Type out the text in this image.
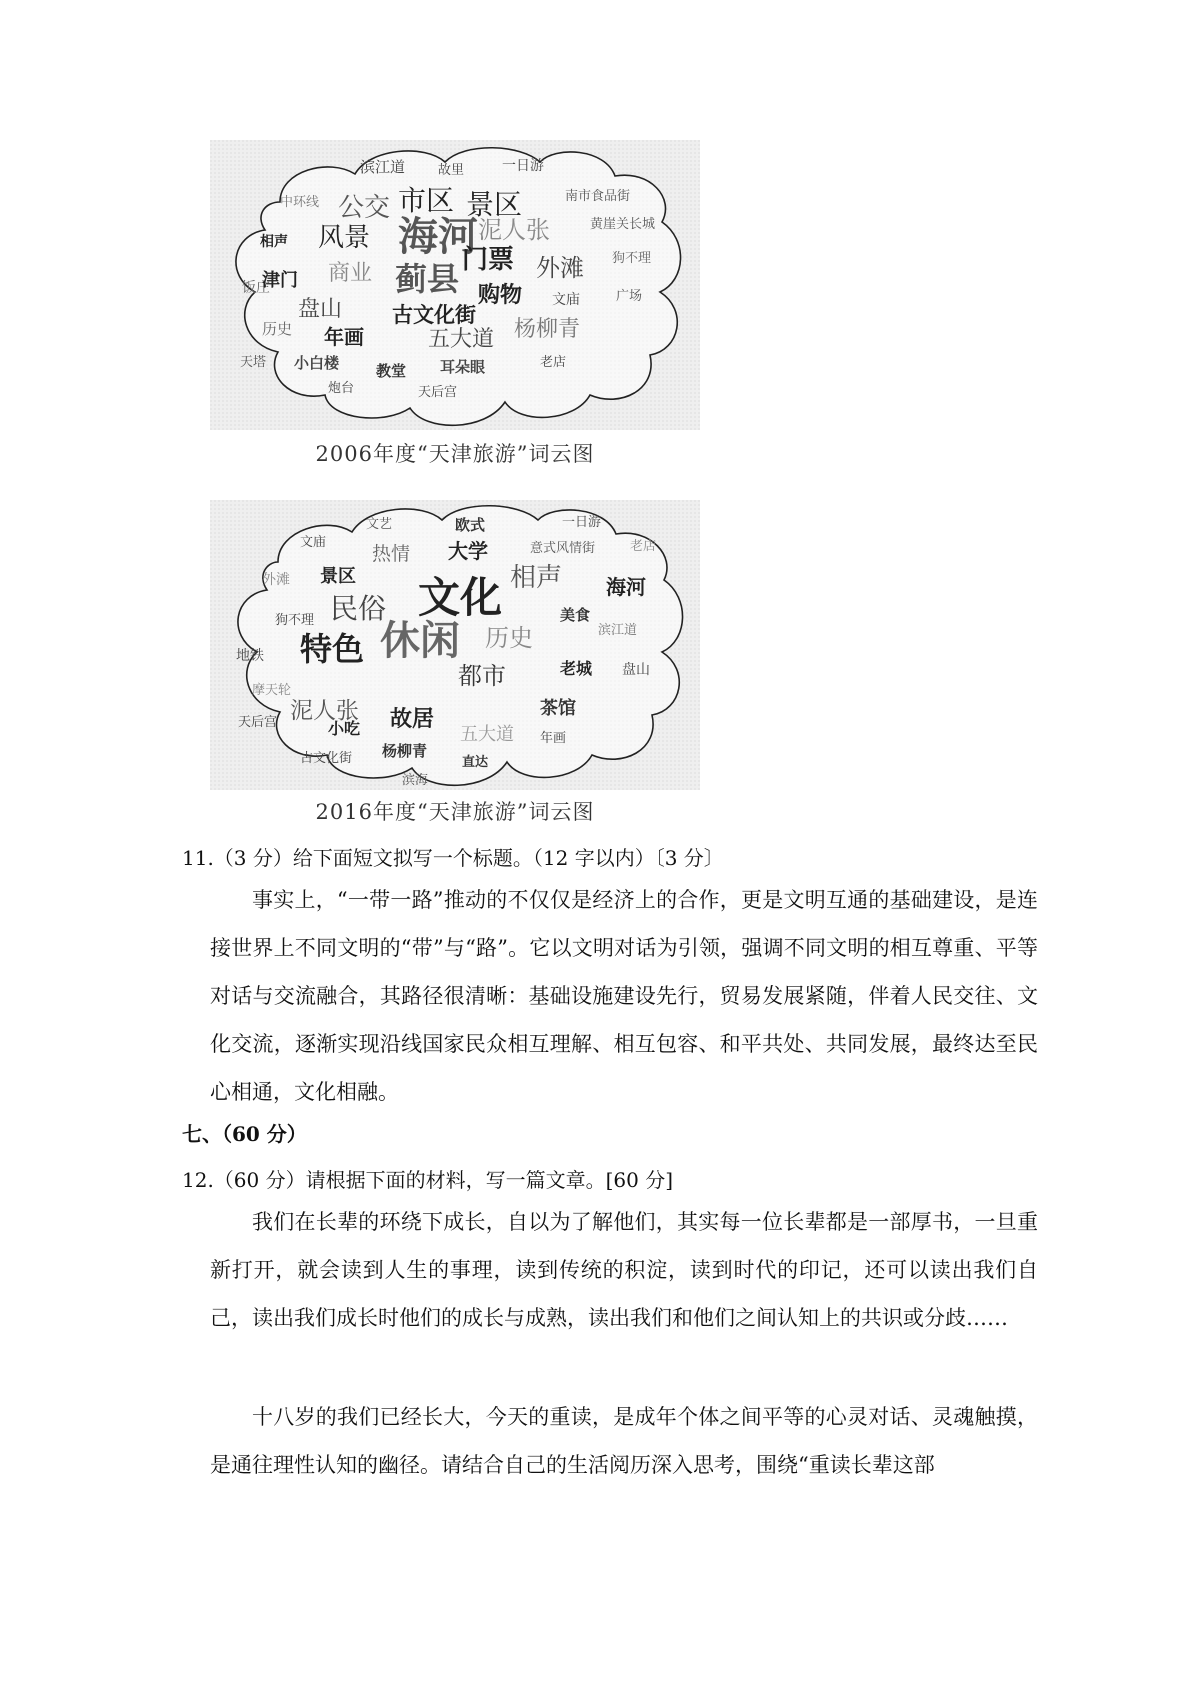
滨江道	故里	一日游
中环线 公交 市区 景区	南市食品街
相声 风景 海河 泥人张	黄崖关长城
饭庄
津门 商业 蓟县 门票 外滩 狗不理
盘山 古文化街
购物 文庙	广场
历史 年画	五大道 杨柳青
天塔 小白楼 教堂 耳朵眼	老店
炮台	天后宫
2006年度“天津旅游”词云图
文艺	欧式	一日游
文庙
热情 大学	意式风情街	老店
外滩 景区	相声 海河
民俗 文化
狗不理	美食
地铁 特色 休闲 历史	滨江道
摩天轮
都市	老城 盘山
泥人张
天后宫	小吃 故居	茶馆
五大道 年画
古文化街 杨柳青
直达
滨海
2016年度“天津旅游”词云图
11.（3 分）给下面短文拟写一个标题。（12 字以内）〔3 分〕
事实上，“一带一路”推动的不仅仅是经济上的合作，更是文明互通的基础建设，是连接世界上不同文明的“带”与“路”。它以文明对话为引领，强调不同文明的相互尊重、平等对话与交流融合，其路径很清晰：基础设施建设先行，贸易发展紧随，伴着人民交往、文化交流，逐渐实现沿线国家民众相互理解、相互包容、和平共处、共同发展，最终达至民心相通，文化相融。
七、（60 分）
12.（60 分）请根据下面的材料，写一篇文章。[60 分]
我们在长辈的环绕下成长，自以为了解他们，其实每一位长辈都是一部厚书，一旦重新打开，就会读到人生的事理，读到传统的积淀，读到时代的印记，还可以读出我们自己，读出我们成长时他们的成长与成熟，读出我们和他们之间认知上的共识或分歧……
十八岁的我们已经长大，今天的重读，是成年个体之间平等的心灵对话、灵魂触摸，是通往理性认知的幽径。请结合自己的生活阅历深入思考，围绕“重读长辈这部
